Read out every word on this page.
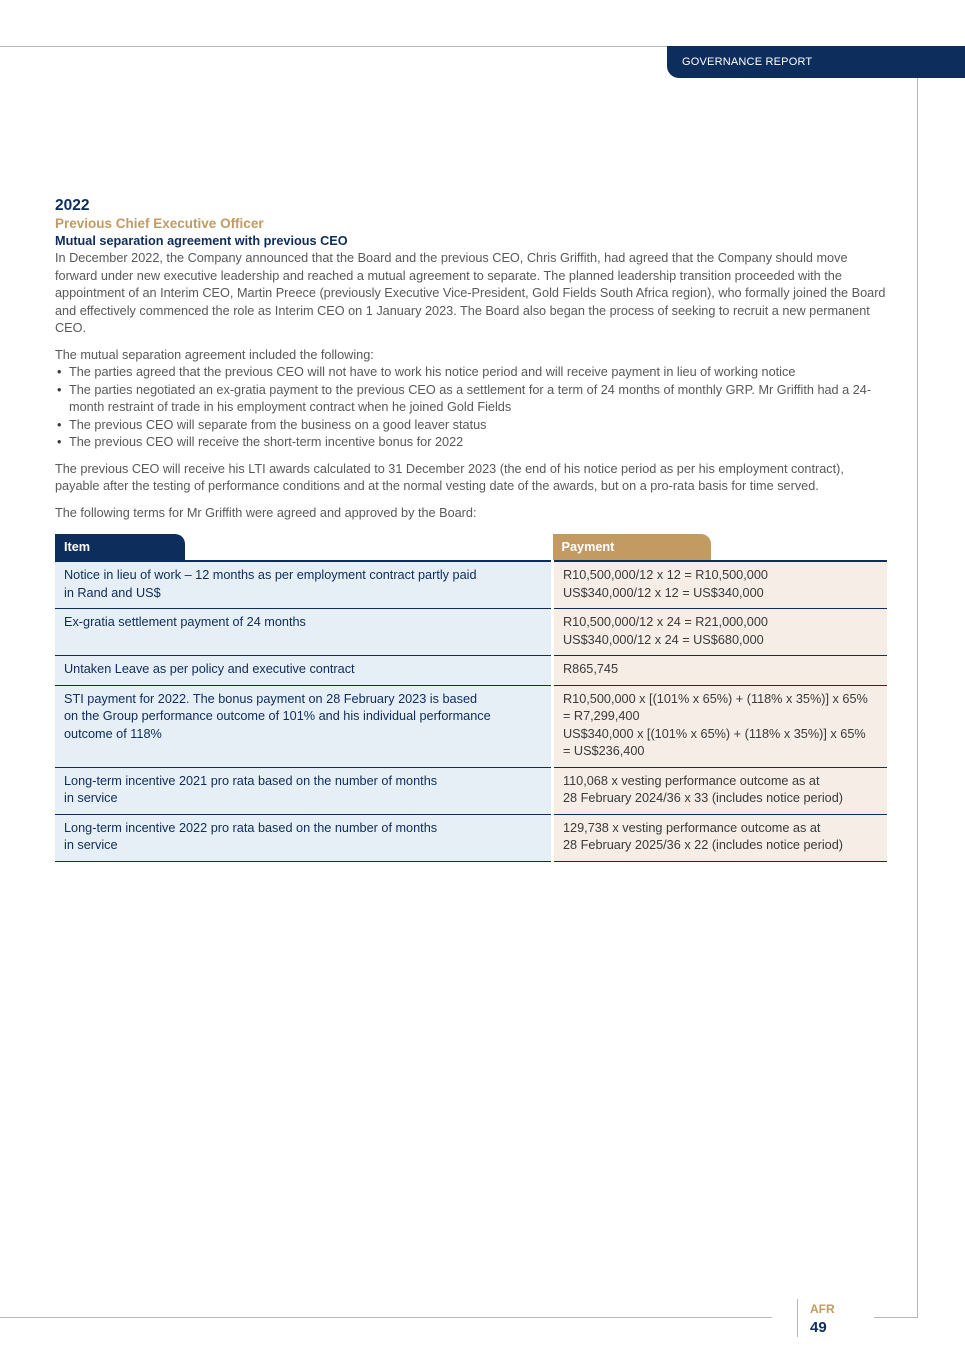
GOVERNANCE REPORT
2022
Previous Chief Executive Officer
Mutual separation agreement with previous CEO

In December 2022, the Company announced that the Board and the previous CEO, Chris Griffith, had agreed that the Company should move forward under new executive leadership and reached a mutual agreement to separate. The planned leadership transition proceeded with the appointment of an Interim CEO, Martin Preece (previously Executive Vice-President, Gold Fields South Africa region), who formally joined the Board and effectively commenced the role as Interim CEO on 1 January 2023. The Board also began the process of seeking to recruit a new permanent CEO.

The mutual separation agreement included the following:

• The parties agreed that the previous CEO will not have to work his notice period and will receive payment in lieu of working notice
• The parties negotiated an ex-gratia payment to the previous CEO as a settlement for a term of 24 months of monthly GRP. Mr Griffith had a 24-month restraint of trade in his employment contract when he joined Gold Fields
• The previous CEO will separate from the business on a good leaver status
• The previous CEO will receive the short-term incentive bonus for 2022

The previous CEO will receive his LTI awards calculated to 31 December 2023 (the end of his notice period as per his employment contract), payable after the testing of performance conditions and at the normal vesting date of the awards, but on a pro-rata basis for time served.

The following terms for Mr Griffith were agreed and approved by the Board:

Item	Payment

Notice in lieu of work – 12 months as per employment contract partly paid
in Rand and US$	R10,500,000/12 x 12 = R10,500,000
US$340,000/12 x 12 = US$340,000

Ex-gratia settlement payment of 24 months	R10,500,000/12 x 24 = R21,000,000
US$340,000/12 x 24 = US$680,000

Untaken Leave as per policy and executive contract	R865,745

STI payment for 2022. The bonus payment on 28 February 2023 is based
on the Group performance outcome of 101% and his individual performance
outcome of 118%	R10,500,000 x [(101% x 65%) + (118% x 35%)] x 65%
= R7,299,400
US$340,000 x [(101% x 65%) + (118% x 35%)] x 65%
= US$236,400

Long-term incentive 2021 pro rata based on the number of months
in service	110,068 x vesting performance outcome as at
28 February 2024/36 x 33 (includes notice period)

Long-term incentive 2022 pro rata based on the number of months
in service	129,738 x vesting performance outcome as at
28 February 2025/36 x 22 (includes notice period)
AFR
49
